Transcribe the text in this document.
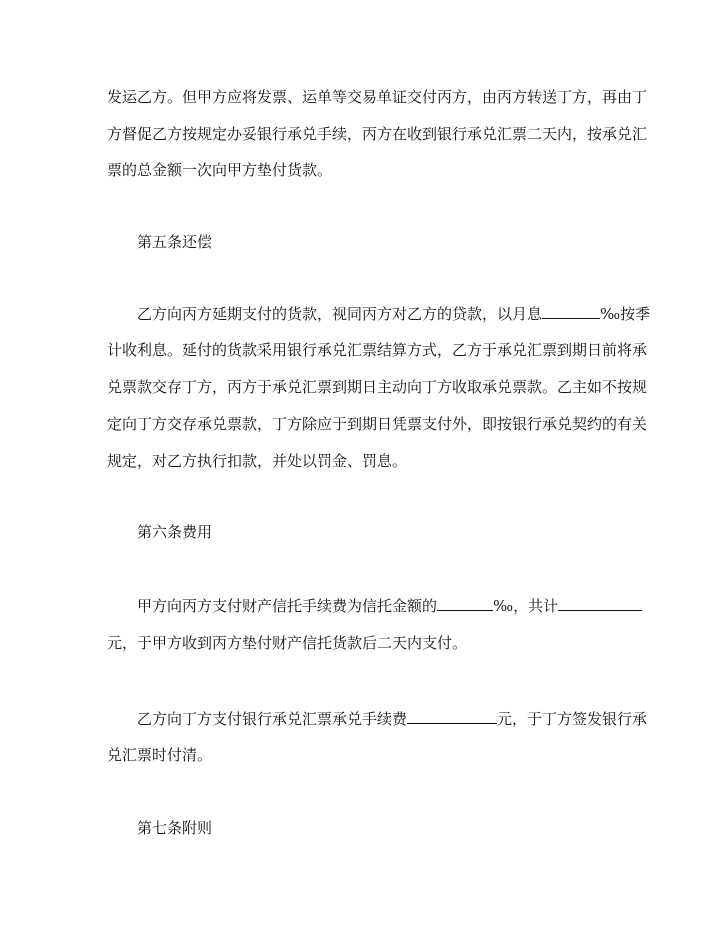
发运乙方。但甲方应将发票、运单等交易单证交付丙方，由丙方转送丁方，再由丁
方督促乙方按规定办妥银行承兑手续，丙方在收到银行承兑汇票二天内，按承兑汇
票的总金额一次向甲方垫付货款。
第五条还偿
乙方向丙方延期支付的货款，视同丙方对乙方的贷款，以月息	‰按季
计收利息。延付的货款采用银行承兑汇票结算方式，乙方于承兑汇票到期日前将承
兑票款交存丁方，丙方于承兑汇票到期日主动向丁方收取承兑票款。乙主如不按规
定向丁方交存承兑票款，丁方除应于到期日凭票支付外，即按银行承兑契约的有关
规定，对乙方执行扣款，并处以罚金、罚息。
第六条费用
甲方向丙方支付财产信托手续费为信托金额的	‰，共计
元，于甲方收到丙方垫付财产信托货款后二天内支付。
乙方向丁方支付银行承兑汇票承兑手续费	元，于丁方签发银行承
兑汇票时付清。
第七条附则
